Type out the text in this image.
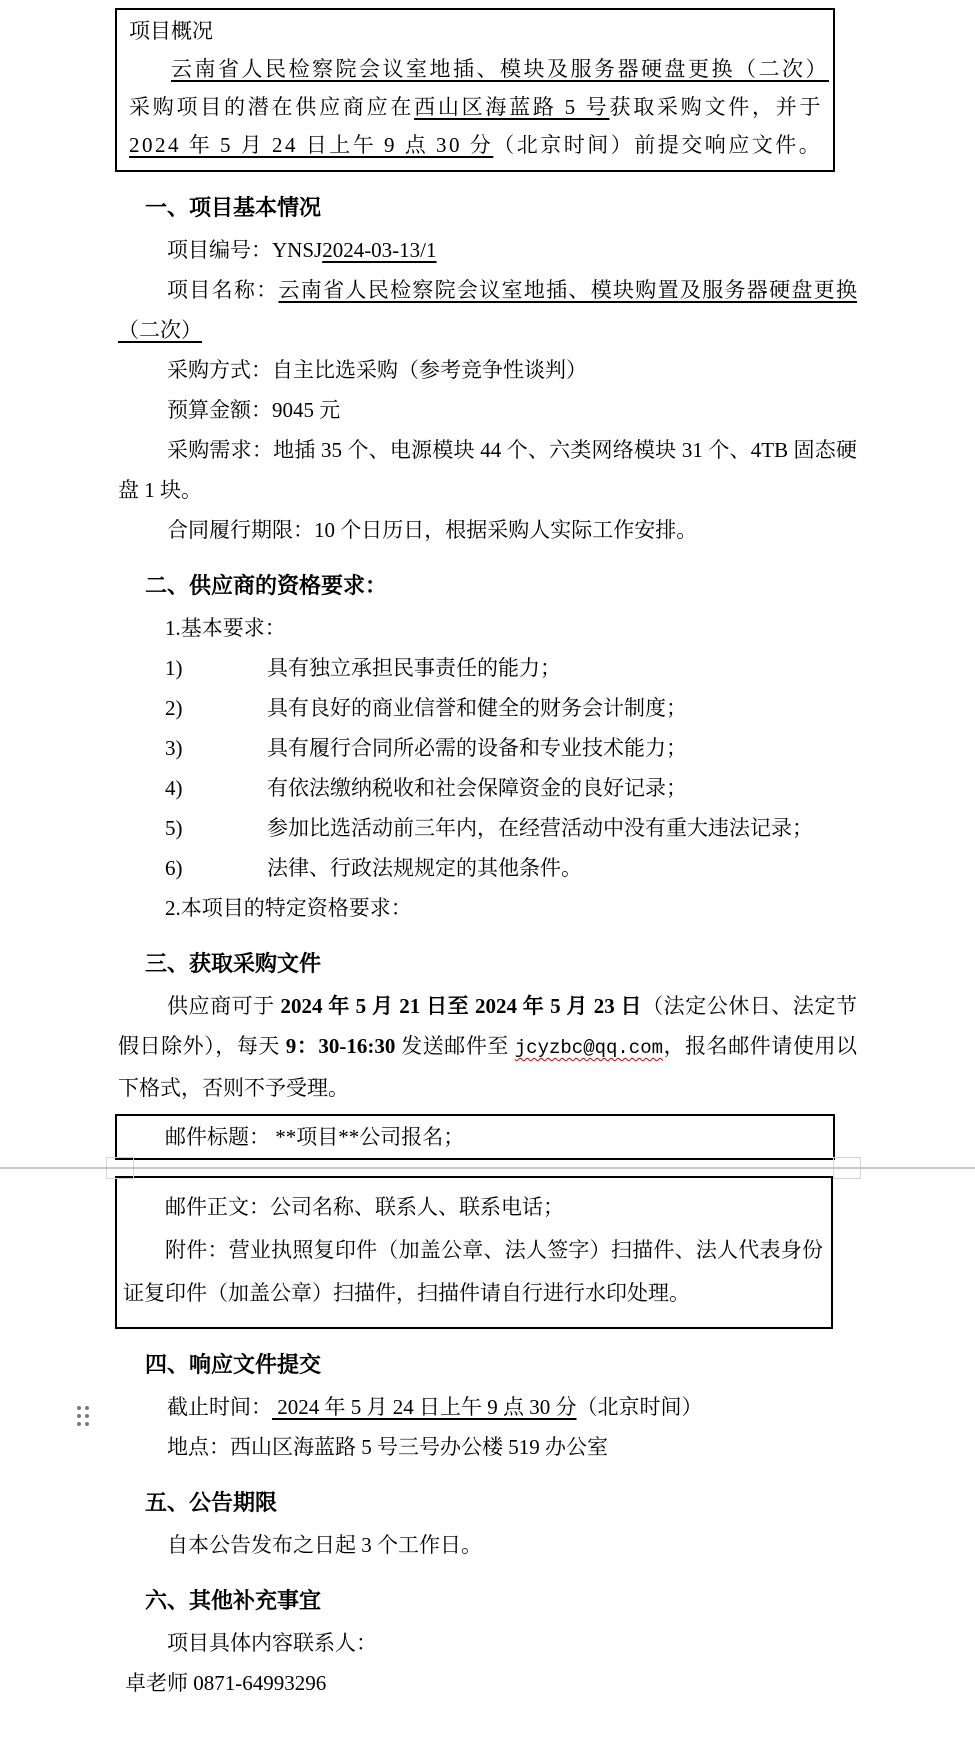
项目概况
云南省人民检察院会议室地插、模块及服务器硬盘更换（二次）采购项目的潜在供应商应在西山区海蓝路 5 号获取采购文件，并于2024 年 5 月 24 日上午 9 点 30 分（北京时间）前提交响应文件。
一、项目基本情况

项目编号：YNSJ2024-03-13/1

项目名称：云南省人民检察院会议室地插、模块购置及服务器硬盘更换（二次）

采购方式：自主比选采购（参考竞争性谈判）

预算金额：9045 元

采购需求：地插 35 个、电源模块 44 个、六类网络模块 31 个、4TB 固态硬盘 1 块。

合同履行期限：10 个日历日，根据采购人实际工作安排。

二、供应商的资格要求：

1.基本要求：

1)	具有独立承担民事责任的能力；

2)	具有良好的商业信誉和健全的财务会计制度；

3)	具有履行合同所必需的设备和专业技术能力；

4)	有依法缴纳税收和社会保障资金的良好记录；

5)	参加比选活动前三年内，在经营活动中没有重大违法记录；

6)	法律、行政法规规定的其他条件。

2.本项目的特定资格要求：

三、获取采购文件

供应商可于 2024 年 5 月 21 日至 2024 年 5 月 23 日（法定公休日、法定节假日除外），每天 9：30-16:30 发送邮件至 jcyzbc@qq.com，报名邮件请使用以下格式，否则不予受理。

邮件标题： **项目**公司报名；
邮件正文：公司名称、联系人、联系电话；
附件：营业执照复印件（加盖公章、法人签字）扫描件、法人代表身份证复印件（加盖公章）扫描件，扫描件请自行进行水印处理。
四、响应文件提交

截止时间： 2024 年 5 月 24 日上午 9 点 30 分（北京时间）

地点：西山区海蓝路 5 号三号办公楼 519 办公室

五、公告期限

自本公告发布之日起 3 个工作日。

六、其他补充事宜

项目具体内容联系人：

卓老师 0871-64993296
